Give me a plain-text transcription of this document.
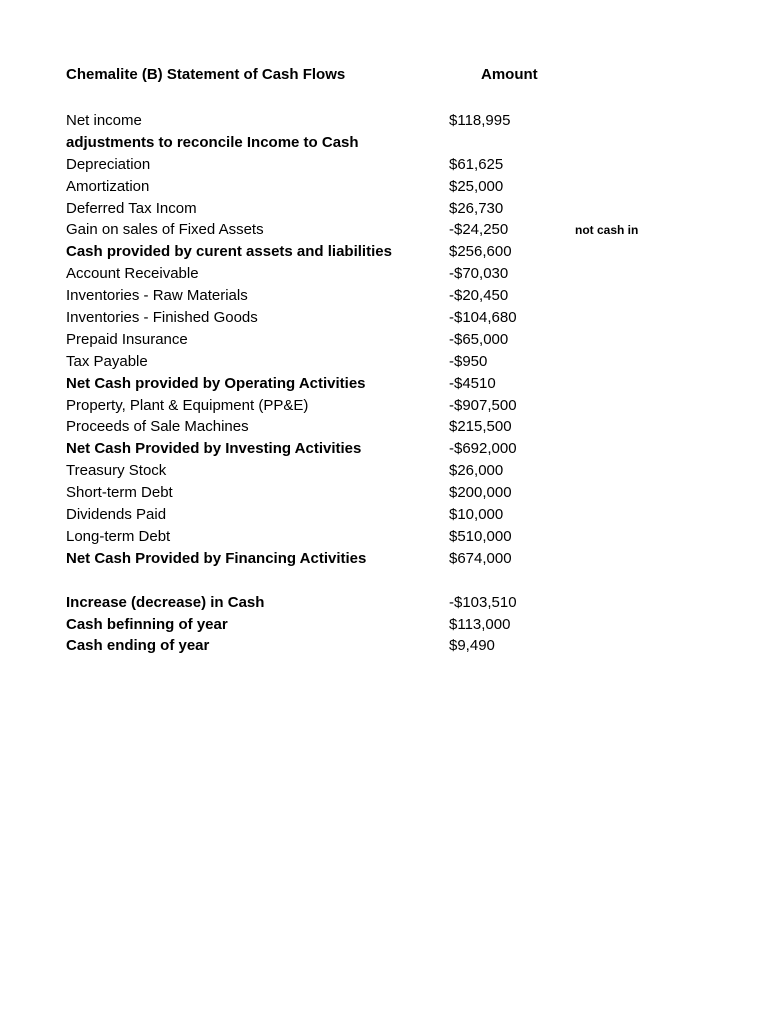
Chemalite (B) Statement of Cash Flows	Amount
Net income	$118,995
adjustments to reconcile Income to Cash
Depreciation	$61,625
Amortization	$25,000
Deferred Tax Incom	$26,730
Gain on sales of Fixed Assets	-$24,250	not cash in
Cash provided by curent assets and liabilities	$256,600
Account Receivable	-$70,030
Inventories - Raw Materials	-$20,450
Inventories - Finished Goods	-$104,680
Prepaid Insurance	-$65,000
Tax Payable	-$950
Net Cash provided by Operating Activities	-$4510
Property, Plant & Equipment (PP&E)	-$907,500
Proceeds of Sale Machines	$215,500
Net Cash Provided by Investing Activities	-$692,000
Treasury Stock	$26,000
Short-term Debt	$200,000
Dividends Paid	$10,000
Long-term Debt	$510,000
Net Cash Provided by Financing Activities	$674,000
Increase (decrease) in Cash	-$103,510
Cash befinning of year	$113,000
Cash ending of year	$9,490
